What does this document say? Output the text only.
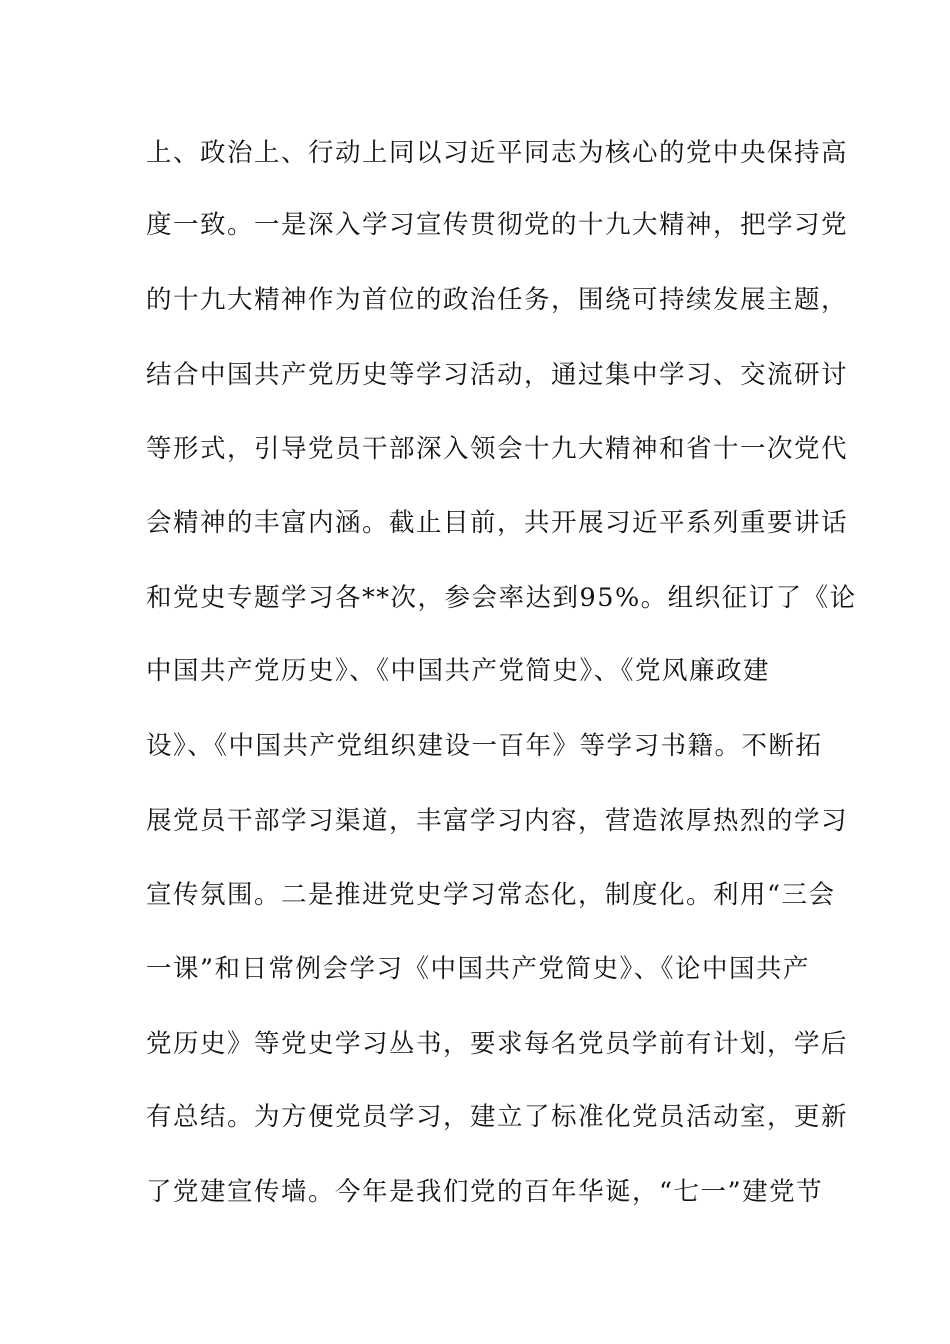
上、政治上、行动上同以习近平同志为核心的党中央保持高
度一致。一是深入学习宣传贯彻党的十九大精神，把学习党
的十九大精神作为首位的政治任务，围绕可持续发展主题，
结合中国共产党历史等学习活动，通过集中学习、交流研讨
等形式，引导党员干部深入领会十九大精神和省十一次党代
会精神的丰富内涵。截止目前，共开展习近平系列重要讲话
和党史专题学习各**次，参会率达到95%。组织征订了《论
中国共产党历史》、《中国共产党简史》、《党风廉政建
设》、《中国共产党组织建设一百年》等学习书籍。不断拓
展党员干部学习渠道，丰富学习内容，营造浓厚热烈的学习
宣传氛围。二是推进党史学习常态化，制度化。利用“三会
一课”和日常例会学习《中国共产党简史》、《论中国共产
党历史》等党史学习丛书，要求每名党员学前有计划，学后
有总结。为方便党员学习，建立了标准化党员活动室，更新
了党建宣传墙。今年是我们党的百年华诞，“七一”建党节
